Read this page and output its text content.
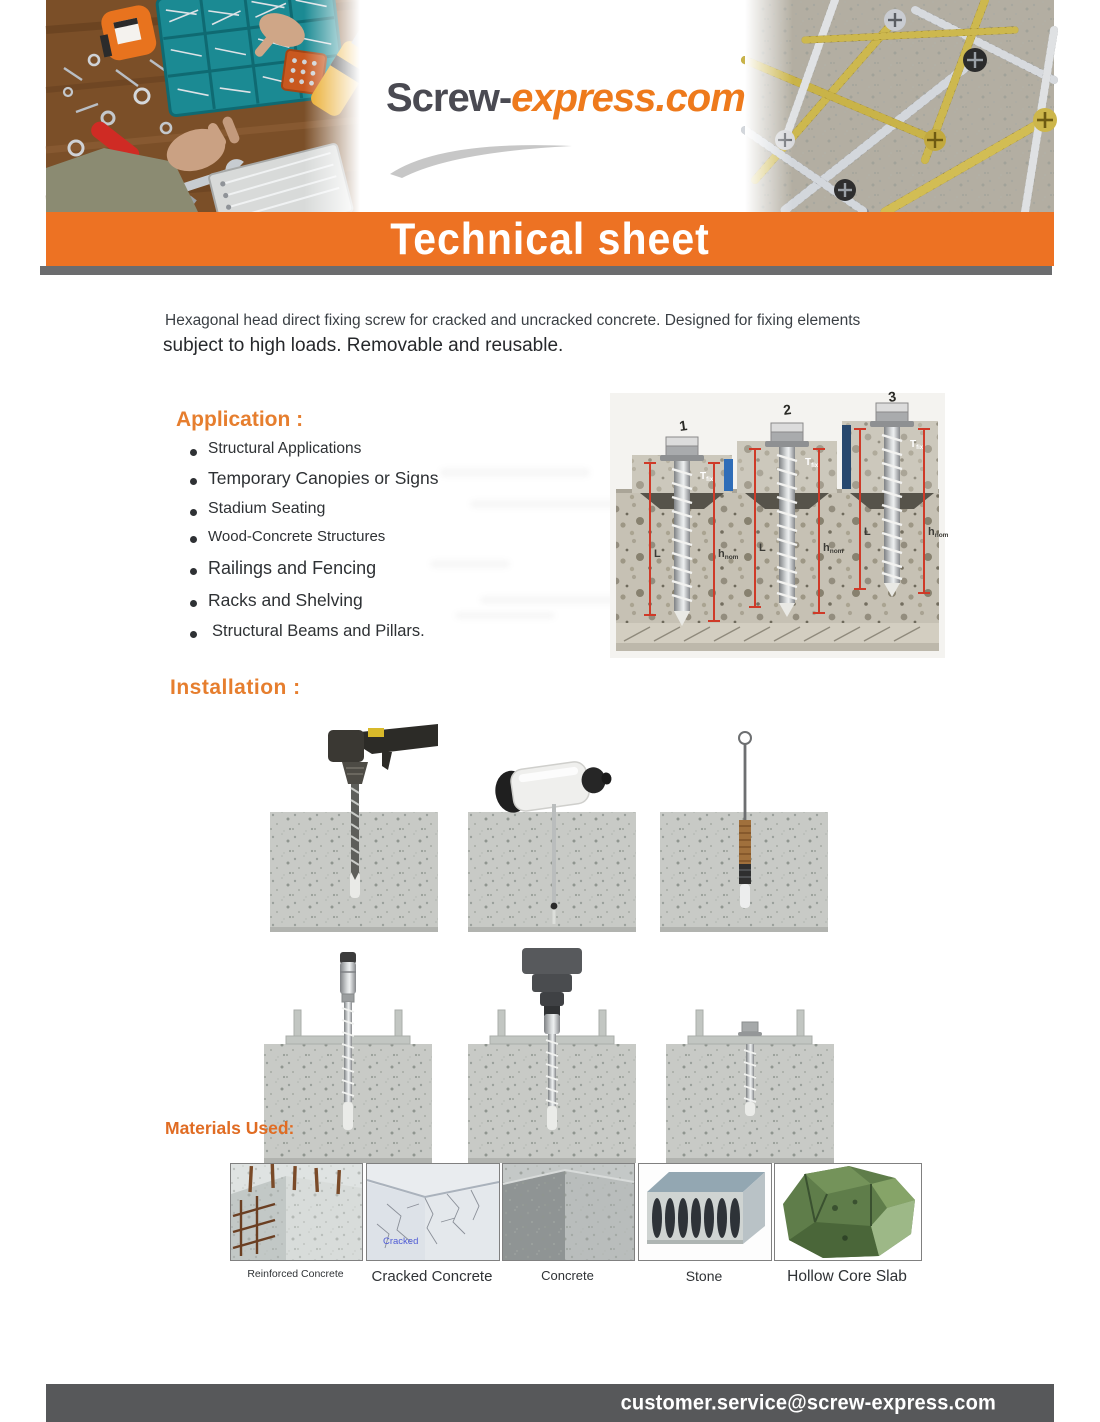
Screw-express.com
Technical sheet
Hexagonal head direct fixing screw for cracked and uncracked concrete. Designed for fixing elements
subject to high loads. Removable and reusable.
Application :
Structural Applications
Temporary Canopies or Signs
Stadium Seating
Wood-Concrete Structures
Railings and Fencing
Racks and Shelving
Structural Beams and Pillars.
1
L	hnom
$T_{fix}$
2
L	hnom
$T_{fix}$
3
L	hnom
$T_{fix}$
Installation :
Materials Used:
Cracked
Reinforced Concrete	Cracked Concrete	Concrete	Stone	Hollow Core Slab
customer.service@screw-express.com
